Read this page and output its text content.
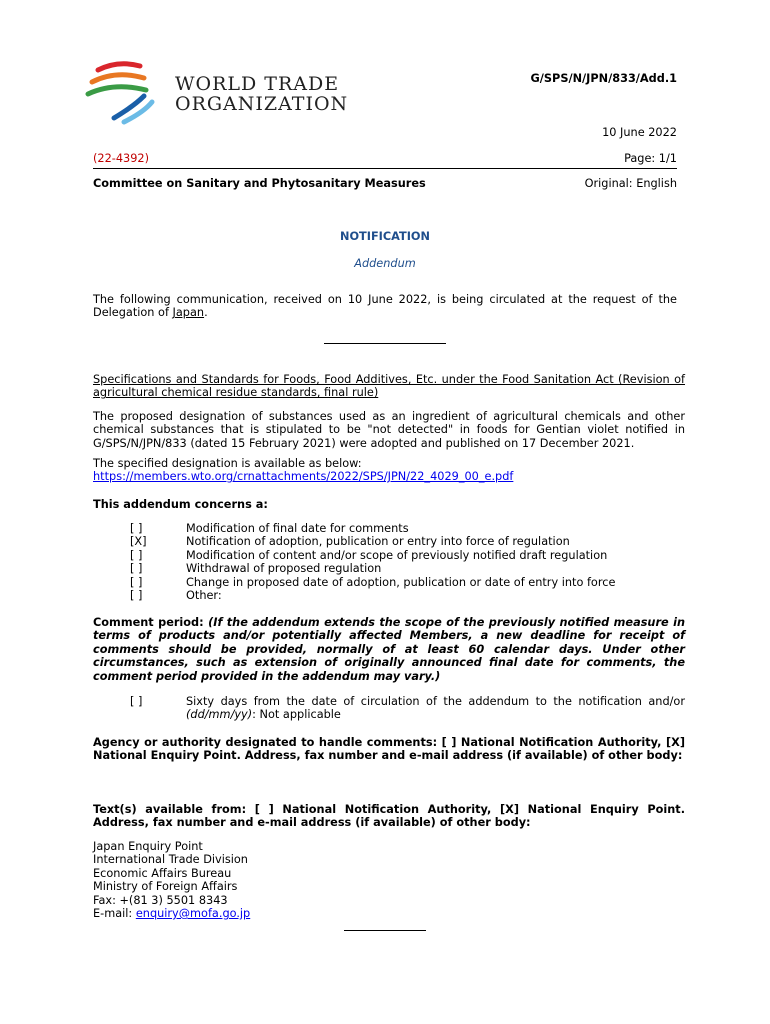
WORLD TRADE
ORGANIZATION
G/SPS/N/JPN/833/Add.1
10 June 2022
(22-4392)	Page: 1/1
Committee on Sanitary and Phytosanitary Measures	Original: English
NOTIFICATION
Addendum
The following communication, received on 10 June 2022, is being circulated at the request of the Delegation of Japan.
Specifications and Standards for Foods, Food Additives, Etc. under the Food Sanitation Act (Revision of agricultural chemical residue standards, final rule)
The proposed designation of substances used as an ingredient of agricultural chemicals and other chemical substances that is stipulated to be "not detected" in foods for Gentian violet notified in G/SPS/N/JPN/833 (dated 15 February 2021) were adopted and published on 17 December 2021.
The specified designation is available as below:
https://members.wto.org/crnattachments/2022/SPS/JPN/22_4029_00_e.pdf
This addendum concerns a:
[ ]	Modification of final date for comments
[X]	Notification of adoption, publication or entry into force of regulation
[ ]	Modification of content and/or scope of previously notified draft regulation
[ ]	Withdrawal of proposed regulation
[ ]	Change in proposed date of adoption, publication or date of entry into force
[ ]	Other:
Comment period: (If the addendum extends the scope of the previously notified measure in terms of products and/or potentially affected Members, a new deadline for receipt of comments should be provided, normally of at least 60 calendar days. Under other circumstances, such as extension of originally announced final date for comments, the comment period provided in the addendum may vary.)
[ ]	Sixty days from the date of circulation of the addendum to the notification and/or (dd/mm/yy): Not applicable
Agency or authority designated to handle comments: [ ] National Notification Authority, [X] National Enquiry Point. Address, fax number and e-mail address (if available) of other body:
Text(s) available from: [ ] National Notification Authority, [X] National Enquiry Point. Address, fax number and e-mail address (if available) of other body:
Japan Enquiry Point
International Trade Division
Economic Affairs Bureau
Ministry of Foreign Affairs
Fax: +(81 3) 5501 8343
E-mail: enquiry@mofa.go.jp
